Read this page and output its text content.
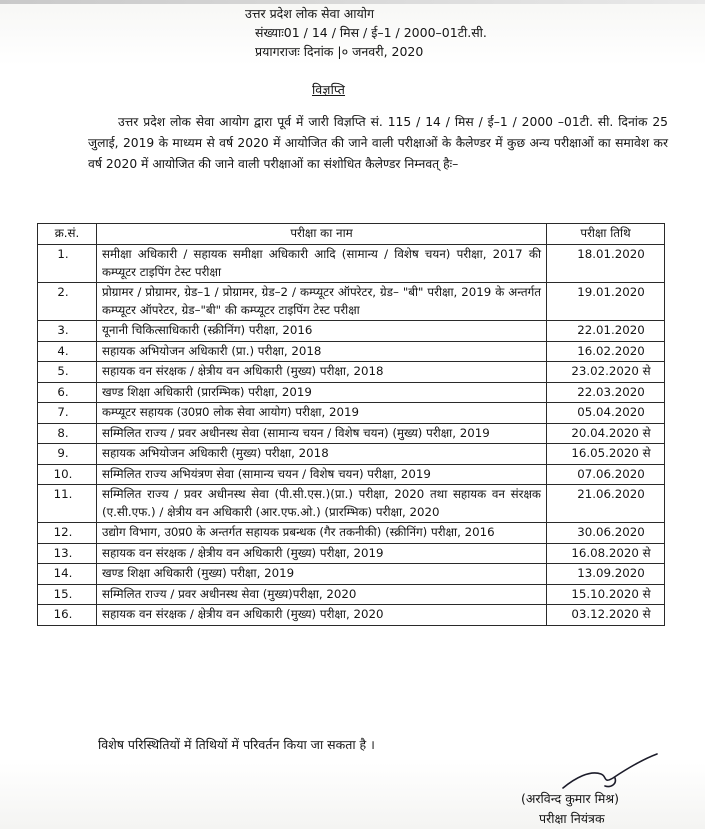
उत्तर प्रदेश लोक सेवा आयोग
संख्याः01 / 14 / मिस / ई–1 / 2000–01टी.सी.
प्रयागराजः दिनांक |० जनवरी, 2020
विज्ञप्ति
उत्तर प्रदेश लोक सेवा आयोग द्वारा पूर्व में जारी विज्ञप्ति सं. 115 / 14 / मिस / ई–1 / 2000 –01टी. सी. दिनांक 25 जुलाई, 2019 के माध्यम से वर्ष 2020 में आयोजित की जाने वाली परीक्षाओं के कैलेण्डर में कुछ अन्य परीक्षाओं का समावेश कर वर्ष 2020 में आयोजित की जाने वाली परीक्षाओं का संशोधित कैलेण्डर निम्नवत् हैः–
क्र.सं.	परीक्षा का नाम	परीक्षा तिथि
1.	समीक्षा अधिकारी / सहायक समीक्षा अधिकारी आदि (सामान्य / विशेष चयन) परीक्षा, 2017 की कम्प्यूटर टाइपिंग टेस्ट परीक्षा	18.01.2020
2.	प्रोग्रामर / प्रोग्रामर, ग्रेड–1 / प्रोग्रामर, ग्रेड–2 / कम्प्यूटर ऑपरेटर, ग्रेड– "बी" परीक्षा, 2019 के अन्तर्गत कम्प्यूटर ऑपरेटर, ग्रेड–"बी" की कम्प्यूटर टाइपिंग टेस्ट परीक्षा	19.01.2020
3.	यूनानी चिकित्साधिकारी (स्क्रीनिंग) परीक्षा, 2016	22.01.2020
4.	सहायक अभियोजन अधिकारी (प्रा.) परीक्षा, 2018	16.02.2020
5.	सहायक वन संरक्षक / क्षेत्रीय वन अधिकारी (मुख्य) परीक्षा, 2018	23.02.2020 से
6.	खण्ड शिक्षा अधिकारी (प्रारम्भिक) परीक्षा, 2019	22.03.2020
7.	कम्प्यूटर सहायक (उ0प्र0 लोक सेवा आयोग) परीक्षा, 2019	05.04.2020
8.	सम्मिलित राज्य / प्रवर अधीनस्थ सेवा (सामान्य चयन / विशेष चयन) (मुख्य) परीक्षा, 2019	20.04.2020 से
9.	सहायक अभियोजन अधिकारी (मुख्य) परीक्षा, 2018	16.05.2020 से
10.	सम्मिलित राज्य अभियंत्रण सेवा (सामान्य चयन / विशेष चयन) परीक्षा, 2019	07.06.2020
11.	सम्मिलित राज्य / प्रवर अधीनस्थ सेवा (पी.सी.एस.)(प्रा.) परीक्षा, 2020 तथा सहायक वन संरक्षक (ए.सी.एफ.) / क्षेत्रीय वन अधिकारी (आर.एफ.ओ.) (प्रारम्भिक) परीक्षा, 2020	21.06.2020
12.	उद्योग विभाग, उ0प्र0 के अन्तर्गत सहायक प्रबन्धक (गैर तकनीकी) (स्क्रीनिंग) परीक्षा, 2016	30.06.2020
13.	सहायक वन संरक्षक / क्षेत्रीय वन अधिकारी (मुख्य) परीक्षा, 2019	16.08.2020 से
14.	खण्ड शिक्षा अधिकारी (मुख्य) परीक्षा, 2019	13.09.2020
15.	सम्मिलित राज्य / प्रवर अधीनस्थ सेवा (मुख्य)परीक्षा, 2020	15.10.2020 से
16.	सहायक वन संरक्षक / क्षेत्रीय वन अधिकारी (मुख्य) परीक्षा, 2020	03.12.2020 से
विशेष परिस्थितियों में तिथियों में परिवर्तन किया जा सकता है ।
(अरविन्द कुमार मिश्र)
परीक्षा नियंत्रक
